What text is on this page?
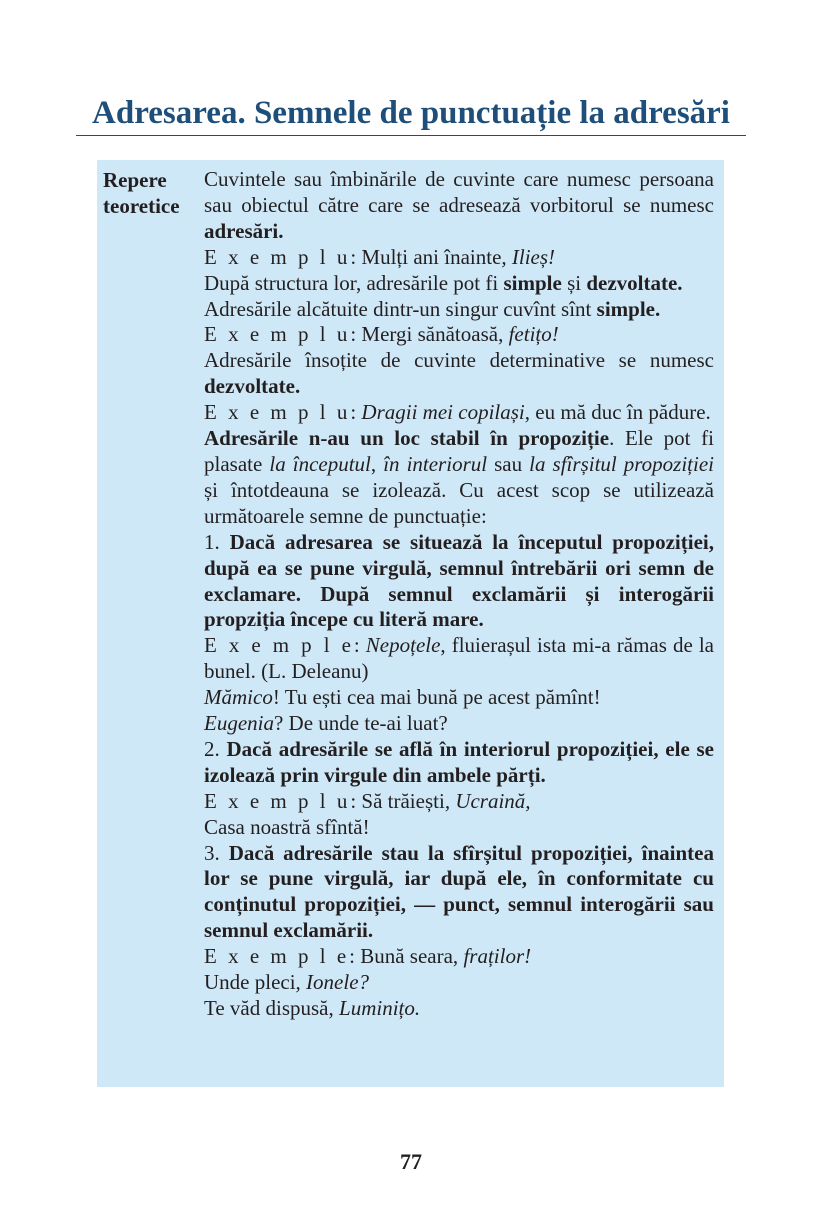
Adresarea. Semnele de punctuație la adresări
Repere
teoretice

Cuvintele sau îmbinările de cuvinte care numesc persoana sau obiectul către care se adresează vorbitorul se numesc adresări.

E x e m p l u: Mulți ani înainte, Ilieș!

După structura lor, adresările pot fi simple și dezvoltate.

Adresările alcătuite dintr-un singur cuvînt sînt simple.

E x e m p l u: Mergi sănătoasă, fetițo!

Adresările însoțite de cuvinte determinative se numesc dezvoltate.

E x e m p l u: Dragii mei copilași, eu mă duc în pădure.

Adresările n-au un loc stabil în propoziție. Ele pot fi plasate la începutul, în interiorul sau la sfîrșitul propoziției și întotdeauna se izolează. Cu acest scop se utilizează următoarele semne de punctuație:

1. Dacă adresarea se situează la începutul propoziției, după ea se pune virgulă, semnul întrebării ori semn de exclamare. După semnul exclamării și interogării propziția începe cu literă mare.

E x e m p l e: Nepoțele, fluierașul ista mi-a rămas de la bunel. (L. Deleanu)

Mămico! Tu ești cea mai bună pe acest pămînt!

Eugenia? De unde te-ai luat?

2. Dacă adresările se află în interiorul propoziției, ele se izolează prin virgule din ambele părți.

E x e m p l u: Să trăiești, Ucraină,

Casa noastră sfîntă!

3. Dacă adresările stau la sfîrșitul propoziției, înaintea lor se pune virgulă, iar după ele, în conformitate cu conținutul propoziției, — punct, semnul interogării sau semnul exclamării.

E x e m p l e: Bună seara, fraților!

Unde pleci, Ionele?

Te văd dispusă, Luminițo.

77
